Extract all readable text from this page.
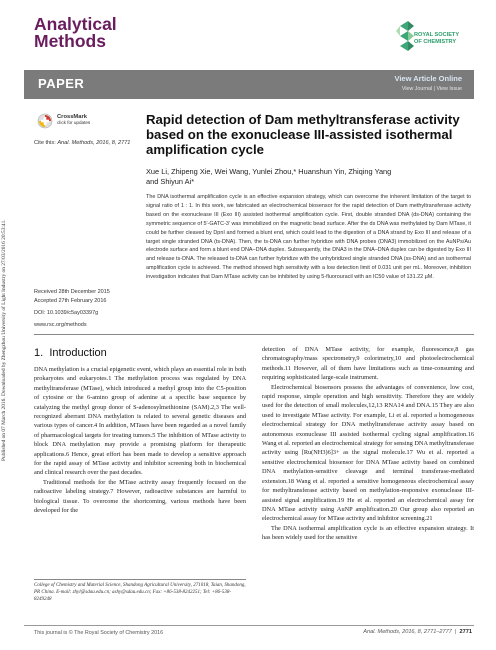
Published on 07 March 2016. Downloaded by Zhengzhou University of Light Industry on 27/03/2016 20:53:41.
Analytical
Methods	ROYAL SOCIETY
OF CHEMISTRY
PAPER	View Article Online
View Journal | View Issue
CrossMark
click for updates
Cite this: Anal. Methods, 2016, 8, 2771
Received 28th December 2015
Accepted 27th February 2016
DOI: 10.1039/c5ay03397g
www.rsc.org/methods
Rapid detection of Dam methyltransferase activity based on the exonuclease III-assisted isothermal amplification cycle
Xue Li, Zhipeng Xie, Wei Wang, Yunlei Zhou,* Huanshun Yin, Zhiqing Yang
and Shiyun Ai*
The DNA isothermal amplification cycle is an effective expansion strategy, which can overcome the inherent limitation of the target to signal ratio of 1 : 1. In this work, we fabricated an electrochemical biosensor for the rapid detection of Dam methyltransferase activity based on the exonuclease III (Exo III) assisted isothermal amplification cycle. First, double stranded DNA (ds-DNA) containing the symmetric sequence of 5′-GATC-3′ was immobilized on the magnetic bead surface. After the ds DNA was methylated by Dam MTase, it could be further cleaved by DpnI and formed a blunt end, which could lead to the digestion of a DNA strand by Exo III and release of a target single stranded DNA (ts-DNA). Then, the ts-DNA can further hybridize with DNA probes (DNA3) immobilized on the AuNPs/Au electrode surface and form a blunt end DNA–DNA duplex. Subsequently, the DNA3 in the DNA–DNA duplex can be digested by Exo III and release ts-DNA. The released ts-DNA can further hybridize with the unhybridized single stranded DNA (ss-DNA) and an isothermal amplification cycle is achieved. The method showed high sensitivity with a low detection limit of 0.031 unit per mL. Moreover, inhibition investigation indicates that Dam MTase activity can be inhibited by using 5-fluorouracil with an IC50 value of 131.22 μM.
1. Introduction

DNA methylation is a crucial epigenetic event, which plays an essential role in both prokaryotes and eukaryotes.1 The methylation process was regulated by DNA methyltransferase (MTase), which introduced a methyl group into the C5-position of cytosine or the 6-amino group of adenine at a specific base sequence by catalyzing the methyl group donor of S-adenosylmethionine (SAM).2,3 The well-recognized aberrant DNA methylation is related to several genetic diseases and various types of cancer.4 In addition, MTases have been regarded as a novel family of pharmacological targets for treating tumors.5 The inhibition of MTase activity to block DNA methylation may provide a promising platform for therapeutic applications.6 Hence, great effort has been made to develop a sensitive approach for the rapid assay of MTase activity and inhibitor screening both in biochemical and clinical research over the past decades.

Traditional methods for the MTase activity assay frequently focused on the radioactive labeling strategy.7 However, radioactive substances are harmful to biological tissue. To overcome the shortcoming, various methods have been developed for the

College of Chemistry and Material Science, Shandong Agricultural University, 271018, Taian, Shandong, PR China. E-mail: zhyl@sdau.edu.cn; ashy@sdau.edu.cn; Fax: +86-538-8242251; Tel: +86-538-8249248

detection of DNA MTase activity, for example, fluorescence,8 gas chromatography/mass spectrometry,9 colorimetry,10 and photoelectrochemical methods.11 However, all of them have limitations such as time-consuming and requiring sophisticated large-scale instrument.

Electrochemical biosensors possess the advantages of convenience, low cost, rapid response, simple operation and high sensitivity. Therefore they are widely used for the detection of small molecules,12,13 RNA14 and DNA.15 They are also used to investigate MTase activity. For example, Li et al. reported a homogeneous electrochemical strategy for DNA methyltransferase activity assay based on autonomous exonuclease III assisted isothermal cycling signal amplification.16 Wang et al. reported an electrochemical strategy for sensing DNA methyltransferase activity using [Ru(NH3)6]3+ as the signal molecule.17 Wu et al. reported a sensitive electrochemical biosensor for DNA MTase activity based on combined DNA methylation-sensitive cleavage and terminal transferase-mediated extension.18 Wang et al. reported a sensitive homogeneous electrochemical assay for methyltransferase activity based on methylation-responsive exonuclease III-assisted signal amplification.19 He et al. reported an electrochemical assay for DNA MTase activity using AuNP amplification.20 Our group also reported an electrochemical assay for MTase activity and inhibitor screening.21

The DNA isothermal amplification cycle is an effective expansion strategy. It has been widely used for the sensitive

This journal is © The Royal Society of Chemistry 2016	Anal. Methods, 2016, 8, 2771–2777  |  2771
